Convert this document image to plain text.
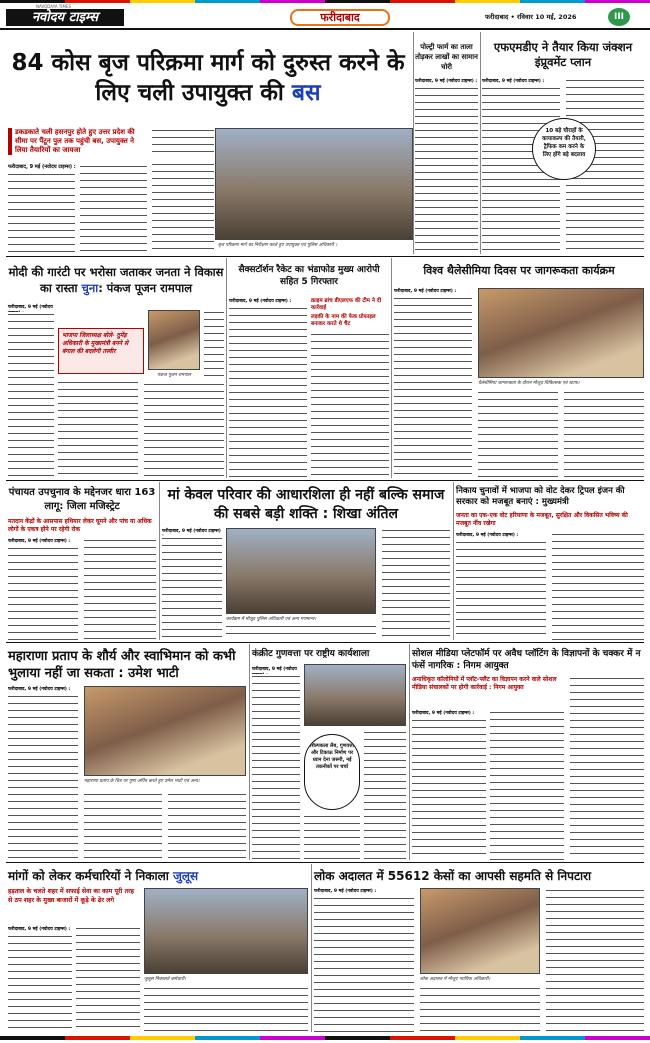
NAVODAYA TIMES
नवोदय टाइम्स	फरीदाबाद	फरीदाबाद • रविवार 10 मई, 2026	III
84 कोस बृज परिक्रमा मार्ग को दुरुस्त करने के लिए चली उपायुक्त की बस
डकडकाते चली हसनपुर होते हुए उत्तर प्रदेश की सीमा पर पैंटून पुल तक पहुंची बस, उपायुक्त ने लिया तैयारियों का जायजा
फरीदाबाद, 9 मई (नवोदय टाइम्स) :
बृज परिक्रमा मार्ग का निरीक्षण करते हुए उपायुक्त एवं पुलिस अधिकारी ।
पोल्ट्री फार्म का ताला तोड़कर लाखों का सामान चोरी
फरीदाबाद, 9 मई (नवोदय टाइम्स) :
एफएमडीए ने तैयार किया जंक्शन इंप्रूवमेंट प्लान
फरीदाबाद, 9 मई (नवोदय टाइम्स) :
10 बड़े चौराहों के कायाकल्प की तैयारी, ट्रैफिक कम करने के लिए होंगे बड़े बदलाव
मोदी की गारंटी पर भरोसा जताकर जनता ने विकास का रास्ता चुना: पंकज पूजन रामपाल
फरीदाबाद, 9 मई (नवोदय
भाजपा जिलाध्यक्ष बोले- दुमेंड़ अधिकारी के मुख्यमंत्री बनने से बंगाल की बदलेगी तस्वीर
पंकज पूजन रामपाल
सैक्सटॉर्शन रैकेट का भंडाफोड मुख्य आरोपी सहित 5 गिरफ्तार
क्राइम ब्रांच डीएलएफ की टीम ने दी कार्रवाई
लड़की के नाम की फेक प्रोफाइल बनाकर करते थे चैट
फरीदाबाद, 9 मई (नवोदय टाइम्स) :
विश्व थैलेसीमिया दिवस पर जागरूकता कार्यक्रम
फरीदाबाद, 9 मई (नवोदय टाइम्स) :
थैलेसीमिया जागरूकता के दौरान मौजूद चिकित्सक एवं स्टाफ।
पंचायत उपचुनाव के मद्देनजर धारा 163 लागू: जिला मजिस्ट्रेट
मतदान केंद्रों के आसपास हथियार लेकर घूमने और पांच या अधिक लोगों के एकत्र होने पर रहेगी रोक
फरीदाबाद, 9 मई (नवोदय टाइम्स) :
मां केवल परिवार की आधारशिला ही नहीं बल्कि समाज की सबसे बड़ी शक्ति : शिखा अंतिल
फरीदाबाद, 9 मई (नवोदय टाइम्स)
कार्यक्रम में मौजूद पुलिस अधिकारी एवं अन्य गणमान्य।
निकाय चुनावों में भाजपा को वोट देकर ट्रिपल इंजन की सरकार को मजबूत बनाएं : मुख्यमंत्री
जनता का एक-एक वोट हरियाणा के मजबूत, सुरक्षित और विकसित भविष्य की मजबूत नींव रखेगा
फरीदाबाद, 9 मई (नवोदय टाइम्स) :
महाराणा प्रताप के शौर्य और स्वाभिमान को कभी भुलाया नहीं जा सकता : उमेश भाटी
फरीदाबाद, 9 मई (नवोदय टाइम्स) :
महाराणा प्रताप के चित्र पर पुष्प अर्पित करते हुए उमेश भाटी एवं अन्य।
कंक्रीट गुणवत्ता पर राष्ट्रीय कार्यशाला
फरीदाबाद, 9 मई (नवोदय
शिल्पकला लैब, गुणवत्ता और टिकाऊ निर्माण पर ध्यान देना जरूरी, नई तकनीकों पर चर्चा
सोशल मीडिया प्लेटफॉर्म पर अवैध प्लॉटिंग के विज्ञापनों के चक्कर में न फंसें नागरिक : निगम आयुक्त
अनाधिकृत कॉलोनियों में प्लॉट-फ्लैट का विज्ञापन करने वाले सोशल मीडिया संचालकों पर होगी कार्रवाई : निगम आयुक्त
फरीदाबाद, 9 मई (नवोदय टाइम्स) :
मांगों को लेकर कर्मचारियों ने निकाला जुलूस
हड़ताल के चलते शहर में सफाई सेवा का काम पूरी तरह से ठप शहर के मुख्य बाजारों में कूड़े के ढेर लगे
फरीदाबाद, 9 मई (नवोदय टाइम्स) :
जुलूस निकालते कर्मचारी।
लोक अदालत में 55612 केसों का आपसी सहमति से निपटारा
फरीदाबाद, 9 मई (नवोदय टाइम्स) :
लोक अदालत में मौजूद न्यायिक अधिकारी।
